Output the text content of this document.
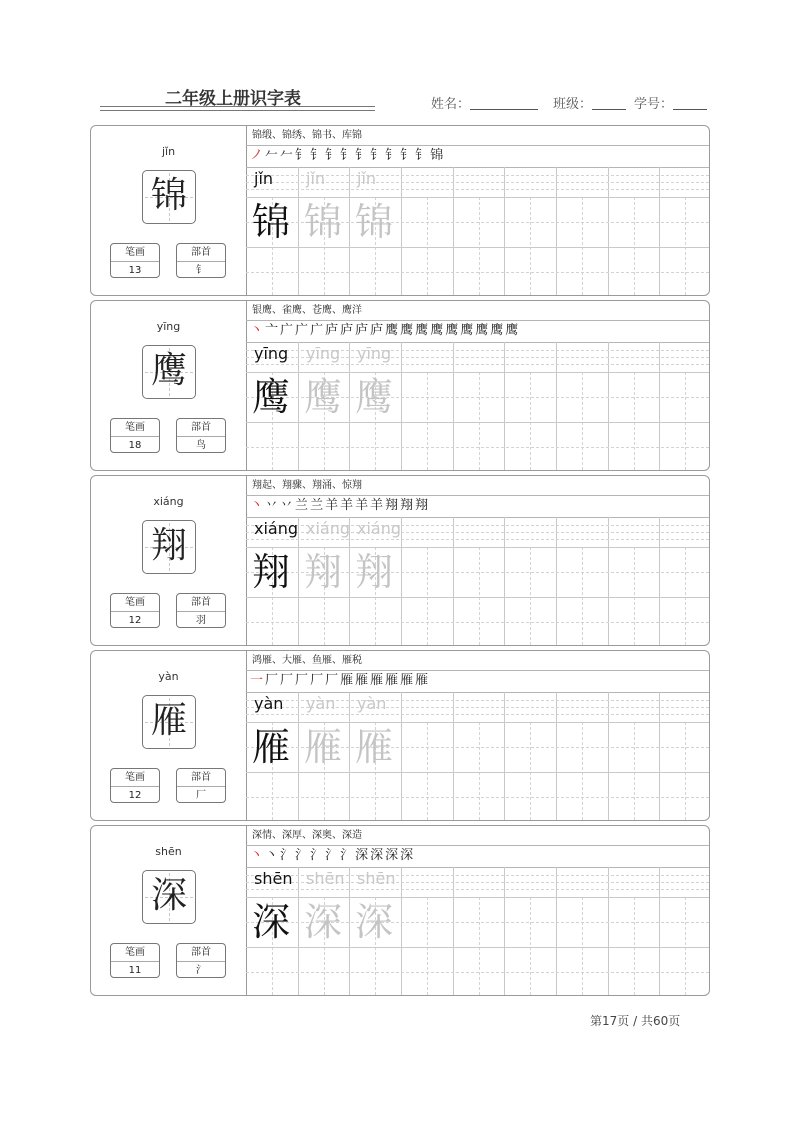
二年级上册识字表	姓名：	班级：	学号：
jǐn
锦
笔画
13
部首
钅
锦缎、锦绣、锦书、库锦
ノ𠂉𠂉钅钅钅钅钅钅钅钅钅锦
jǐn jǐn jǐn
锦 锦 锦
yīng
鹰
笔画
18
部首
鸟
银鹰、雀鹰、苍鹰、鹰洋
丶亠广广广庐庐庐庐鹰鹰鹰鹰鹰鹰鹰鹰鹰
yīng yīng yīng
鹰 鹰 鹰
xiáng
翔
笔画
12
部首
羽
翔起、翔骤、翔涌、惊翔
丶丷丷兰兰羊羊羊羊翔翔翔
xiáng xiáng xiáng
翔 翔 翔
yàn
雁
笔画
12
部首
厂
鸿雁、大雁、鱼雁、雁税
一厂厂厂厂厂雁雁雁雁雁雁
yàn yàn yàn
雁 雁 雁
shēn
深
笔画
11
部首
氵
深情、深厚、深奥、深造
丶丶氵氵氵氵氵深深深深
shēn shēn shēn
深 深 深
第17页 / 共60页
